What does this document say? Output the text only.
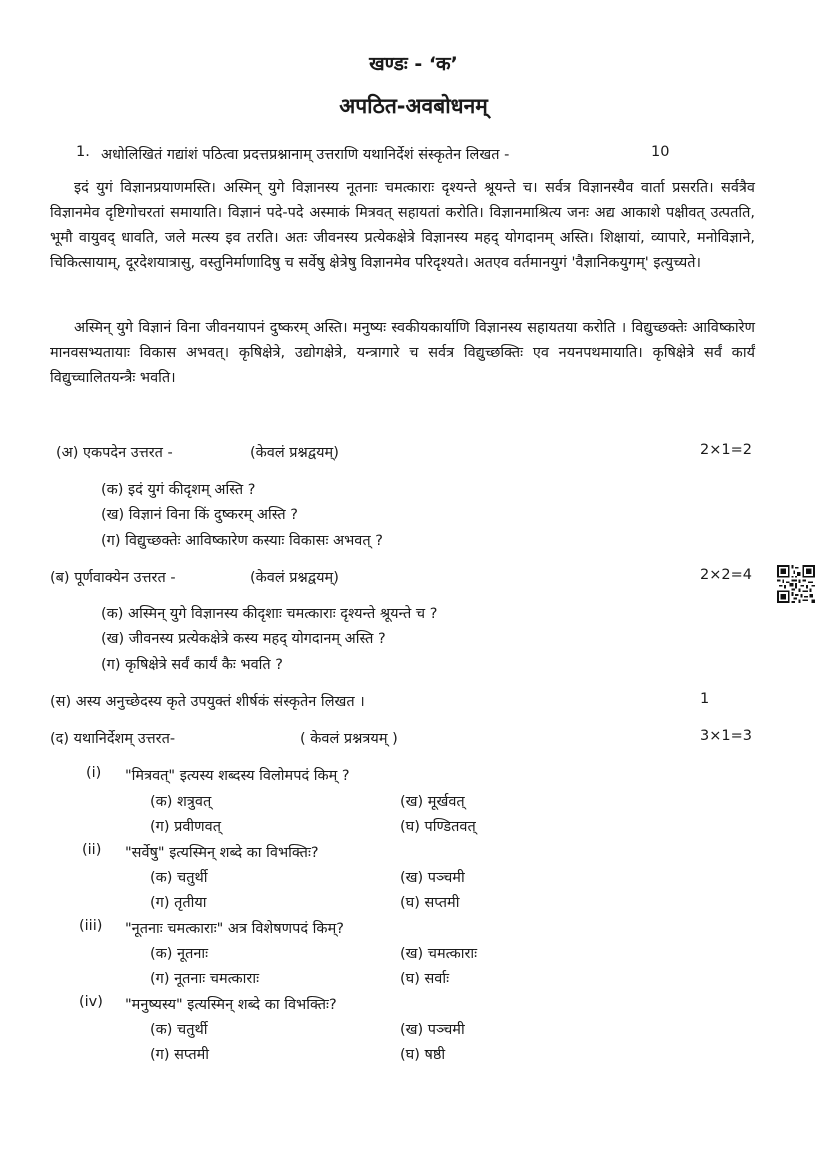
खण्डः - ‘क’
अपठित-अवबोधनम्
1. अधोलिखितं गद्यांशं पठित्वा प्रदत्तप्रश्नानाम् उत्तराणि यथानिर्देशं संस्कृतेन लिखत -	10
इदं युगं विज्ञानप्रयाणमस्ति। अस्मिन् युगे विज्ञानस्य नूतनाः चमत्काराः दृश्यन्ते श्रूयन्ते च। सर्वत्र विज्ञानस्यैव वार्ता प्रसरति। सर्वत्रैव विज्ञानमेव दृष्टिगोचरतां समायाति। विज्ञानं पदे-पदे अस्माकं मित्रवत् सहायतां करोति। विज्ञानमाश्रित्य जनः अद्य आकाशे पक्षीवत् उत्पतति, भूमौ वायुवद् धावति, जले मत्स्य इव तरति। अतः जीवनस्य प्रत्येकक्षेत्रे विज्ञानस्य महद् योगदानम् अस्ति। शिक्षायां, व्यापारे, मनोविज्ञाने, चिकित्सायाम्, दूरदेशयात्रासु, वस्तुनिर्माणादिषु च सर्वेषु क्षेत्रेषु विज्ञानमेव परिदृश्यते। अतएव वर्तमानयुगं 'वैज्ञानिकयुगम्' इत्युच्यते।
अस्मिन् युगे विज्ञानं विना जीवनयापनं दुष्करम् अस्ति। मनुष्यः स्वकीयकार्याणि विज्ञानस्य सहायतया करोति । विद्युच्छक्तेः आविष्कारेण मानवसभ्यतायाः विकास अभवत्। कृषिक्षेत्रे, उद्योगक्षेत्रे, यन्त्रागारे च सर्वत्र विद्युच्छक्तिः एव नयनपथमायाति। कृषिक्षेत्रे सर्वं कार्यं विद्युच्चालितयन्त्रैः भवति।
(अ) एकपदेन उत्तरत -	(केवलं प्रश्नद्वयम्)	2×1=2
(क) इदं युगं कीदृशम् अस्ति ?
(ख) विज्ञानं विना किं दुष्करम् अस्ति ?
(ग) विद्युच्छक्तेः आविष्कारेण कस्याः विकासः अभवत् ?
(ब) पूर्णवाक्येन उत्तरत -	(केवलं प्रश्नद्वयम्)	2×2=4
(क) अस्मिन् युगे विज्ञानस्य कीदृशाः चमत्काराः दृश्यन्ते श्रूयन्ते च ?
(ख) जीवनस्य प्रत्येकक्षेत्रे कस्य महद् योगदानम् अस्ति ?
(ग) कृषिक्षेत्रे सर्वं कार्यं कैः भवति ?
(स) अस्य अनुच्छेदस्य कृते उपयुक्तं शीर्षकं संस्कृतेन लिखत ।	1
(द) यथानिर्देशम् उत्तरत-	( केवलं प्रश्नत्रयम् )	3×1=3
(i) "मित्रवत्" इत्यस्य शब्दस्य विलोमपदं किम् ?
(क) शत्रुवत्	(ख) मूर्खवत्
(ग) प्रवीणवत्	(घ) पण्डितवत्
(ii) "सर्वेषु" इत्यस्मिन् शब्दे का विभक्तिः?
(क) चतुर्थी	(ख) पञ्चमी
(ग) तृतीया	(घ) सप्तमी
(iii) "नूतनाः चमत्काराः" अत्र विशेषणपदं किम्?
(क) नूतनाः	(ख) चमत्काराः
(ग) नूतनाः चमत्काराः	(घ) सर्वाः
(iv) "मनुष्यस्य" इत्यस्मिन् शब्दे का विभक्तिः?
(क) चतुर्थी	(ख) पञ्चमी
(ग) सप्तमी	(घ) षष्ठी
